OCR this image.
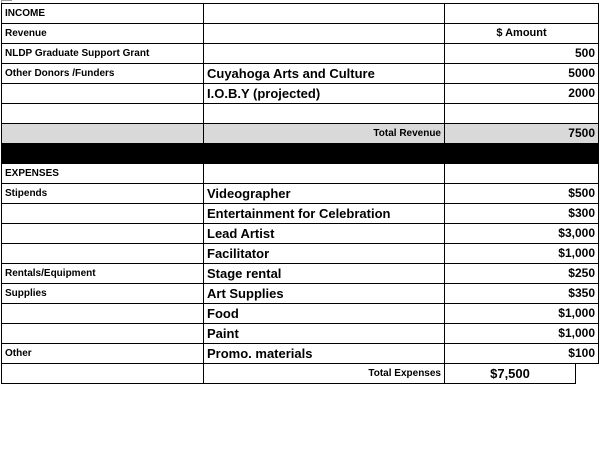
INCOME			
Revenue		$ Amount	
NLDP Graduate Support Grant		500	
Other Donors /Funders	Cuyahoga Arts and Culture	5000	
	I.O.B.Y (projected)	2000	

	Total Revenue	7500	

EXPENSES			
Stipends	Videographer	$500	
	Entertainment for Celebration	$300	
	Lead Artist	$3,000	
	Facilitator	$1,000	
Rentals/Equipment	Stage rental	$250	
Supplies	Art Supplies	$350	
	Food	$1,000	
	Paint	$1,000	
Other	Promo. materials	$100	
	Total Expenses	$7,500	
